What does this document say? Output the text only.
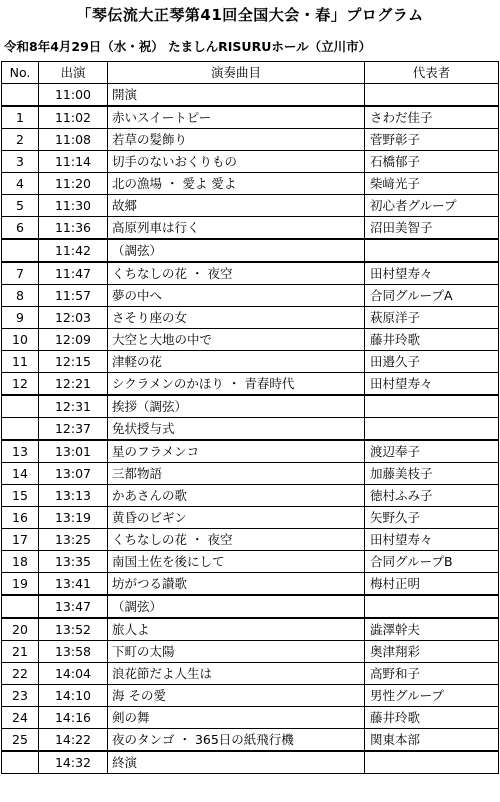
「琴伝流大正琴第41回全国大会・春」プログラム
令和8年4月29日（水・祝） たましんRISURUホール（立川市）
No.	出演	演奏曲目	代表者
	11:00	開演	
1	11:02	赤いスイートピー	さわだ佳子
2	11:08	若草の髪飾り	菅野彰子
3	11:14	切手のないおくりもの	石橋郁子
4	11:20	北の漁場 ・ 愛よ 愛よ	柴﨑光子
5	11:30	故郷	初心者グループ
6	11:36	高原列車は行く	沼田美智子
	11:42	（調弦）	
7	11:47	くちなしの花 ・ 夜空	田村望寿々
8	11:57	夢の中へ	合同グループA
9	12:03	さそり座の女	萩原洋子
10	12:09	大空と大地の中で	藤井玲歌
11	12:15	津軽の花	田邉久子
12	12:21	シクラメンのかほり ・ 青春時代	田村望寿々
	12:31	挨拶（調弦）	
	12:37	免状授与式	
13	13:01	星のフラメンコ	渡辺奉子
14	13:07	三都物語	加藤美枝子
15	13:13	かあさんの歌	徳村ふみ子
16	13:19	黄昏のビギン	矢野久子
17	13:25	くちなしの花 ・ 夜空	田村望寿々
18	13:35	南国土佐を後にして	合同グループB
19	13:41	坊がつる讃歌	梅村正明
	13:47	（調弦）	
20	13:52	旅人よ	澁澤幹夫
21	13:58	下町の太陽	奥津翔彩
22	14:04	浪花節だよ人生は	高野和子
23	14:10	海 その愛	男性グループ
24	14:16	剣の舞	藤井玲歌
25	14:22	夜のタンゴ ・ 365日の紙飛行機	関東本部
	14:32	終演	
